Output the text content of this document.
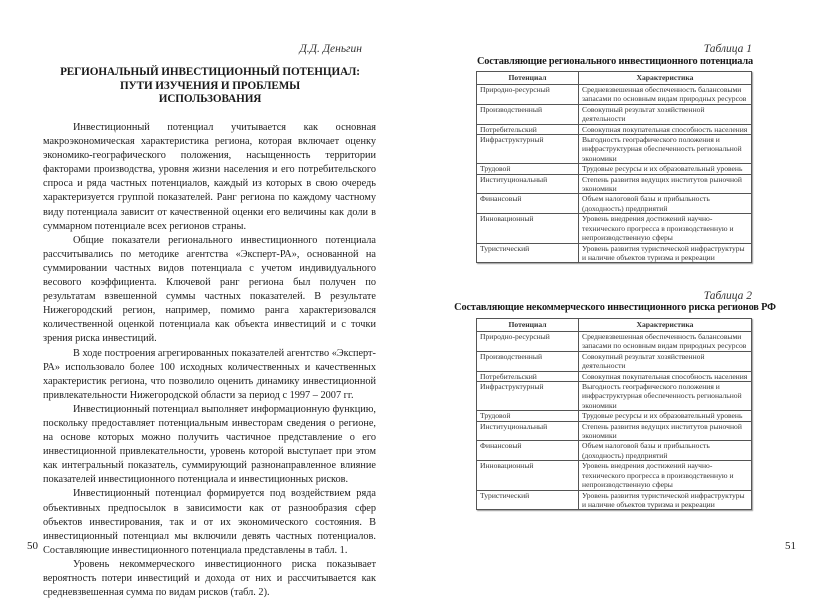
Д.Д. Деньгин
РЕГИОНАЛЬНЫЙ ИНВЕСТИЦИОННЫЙ ПОТЕНЦИАЛ:
ПУТИ ИЗУЧЕНИЯ И ПРОБЛЕМЫ
ИСПОЛЬЗОВАНИЯ

Инвестиционный потенциал учитывается как основная макроэкономическая характеристика региона, которая включает оценку экономико-географического положения, насыщенность территории факторами производства, уровня жизни населения и его потребительского спроса и ряда частных потенциалов, каждый из которых в свою очередь характеризуется группой показателей. Ранг региона по каждому частному виду потенциала зависит от качественной оценки его величины как доли в суммарном потенциале всех регионов страны.

Общие показатели регионального инвестиционного потенциала рассчитывались по методике агентства «Эксперт-РА», основанной на суммировании частных видов потенциала с учетом индивидуального весового коэффициента. Ключевой ранг региона был получен по результатам взвешенной суммы частных показателей. В результате Нижегородский регион, например, помимо ранга характеризовался количественной оценкой потенциала как объекта инвестиций и с точки зрения риска инвестиций.

В ходе построения агрегированных показателей агентство «Эксперт-РА» использовало более 100 исходных количественных и качественных характеристик региона, что позволило оценить динамику инвестиционной привлекательности Нижегородской области за период с 1997 – 2007 гг.

Инвестиционный потенциал выполняет информационную функцию, поскольку предоставляет потенциальным инвесторам сведения о регионе, на основе которых можно получить частичное представление о его инвестиционной привлекательности, уровень которой выступает при этом как интегральный показатель, суммирующий разнонаправленное влияние показателей инвестиционного потенциала и инвестиционных рисков.

Инвестиционный потенциал формируется под воздействием ряда объективных предпосылок в зависимости как от разнообразия сфер объектов инвестирования, так и от их экономического состояния. В инвестиционный потенциал мы включили девять частных потенциалов. Составляющие инвестиционного потенциала представлены в табл. 1.

Уровень некоммерческого инвестиционного риска показывает вероятность потери инвестиций и дохода от них и рассчитывается как средневзвешенная сумма по видам рисков (табл. 2).

50
Таблица 1
Составляющие регионального инвестиционного потенциала
Потенциал	Характеристика
Природно-ресурсный	Средневзвешенная обеспеченность балансовыми запасами по основным видам природных ресурсов
Производственный	Совокупный результат хозяйственной деятельности
Потребительский	Совокупная покупательная способность населения
Инфраструктурный	Выгодность географического положения и инфраструктурная обеспеченность региональной экономики
Трудовой	Трудовые ресурсы и их образовательный уровень
Институциональный	Степень развития ведущих институтов рыночной экономики
Финансовый	Объем налоговой базы и прибыльность (доходность) предприятий
Инновационный	Уровень внедрения достижений научно-технического прогресса в производственную и непроизводственную сферы
Туристический	Уровень развития туристической инфраструктуры и наличие объектов туризма и рекреации
Таблица 2
Составляющие некоммерческого инвестиционного риска регионов РФ
Потенциал	Характеристика
Природно-ресурсный	Средневзвешенная обеспеченность балансовыми запасами по основным видам природных ресурсов
Производственный	Совокупный результат хозяйственной деятельности
Потребительский	Совокупная покупательная способность населения
Инфраструктурный	Выгодность географического положения и инфраструктурная обеспеченность региональной экономики
Трудовой	Трудовые ресурсы и их образовательный уровень
Институциональный	Степень развития ведущих институтов рыночной экономики
Финансовый	Объем налоговой базы и прибыльность (доходность) предприятий
Инновационный	Уровень внедрения достижений научно-технического прогресса в производственную и непроизводственную сферы
Туристический	Уровень развития туристической инфраструктуры и наличие объектов туризма и рекреации
51
